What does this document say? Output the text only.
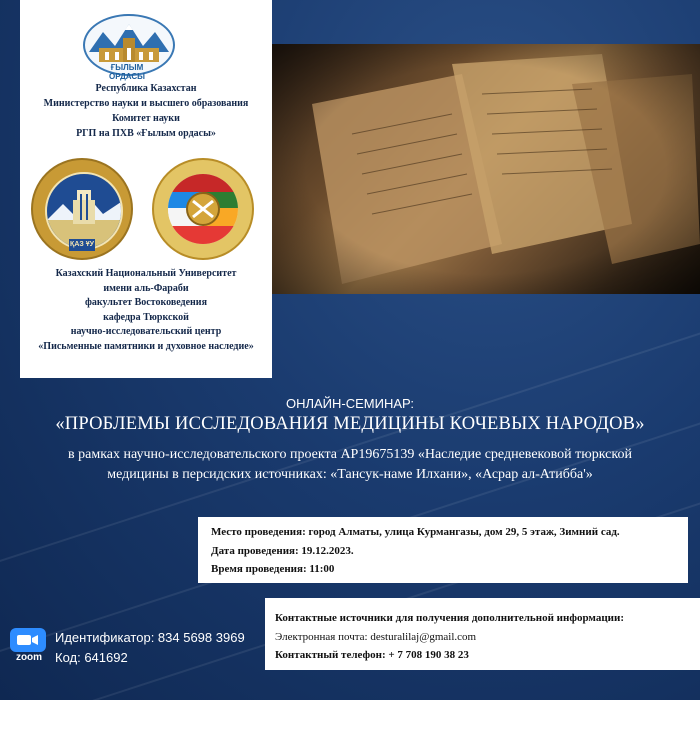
ҒЫЛЫМ ОРДАСЫ
Республика Казахстан
Министерство науки и высшего образования
Комитет науки
РГП на ПХВ «Ғылым ордасы»
ҚАЗ ҰУ
Казахский Национальный Университет
имени аль-Фараби
факультет Востоковедения
кафедра Тюркской
научно-исследовательский центр
«Письменные памятники и духовное наследие»
ОНЛАЙН-СЕМИНАР:
«ПРОБЛЕМЫ ИССЛЕДОВАНИЯ МЕДИЦИНЫ КОЧЕВЫХ НАРОДОВ»
в рамках научно-исследовательского проекта АР19675139 «Наследие средневековой тюркской
медицины в персидских источниках: «Тансук-наме Илхани», «Асрар ал-Атибба'»
Место проведения: город Алматы, улица Курмангазы, дом 29, 5 этаж, Зимний сад.
Дата проведения: 19.12.2023.
Время проведения: 11:00
Контактные источники для получения дополнительной информации:
Электронная почта: desturalilaj@gmail.com
Контактный телефон: + 7 708 190 38 23
zoom
Идентификатор: 834 5698 3969
Код: 641692
